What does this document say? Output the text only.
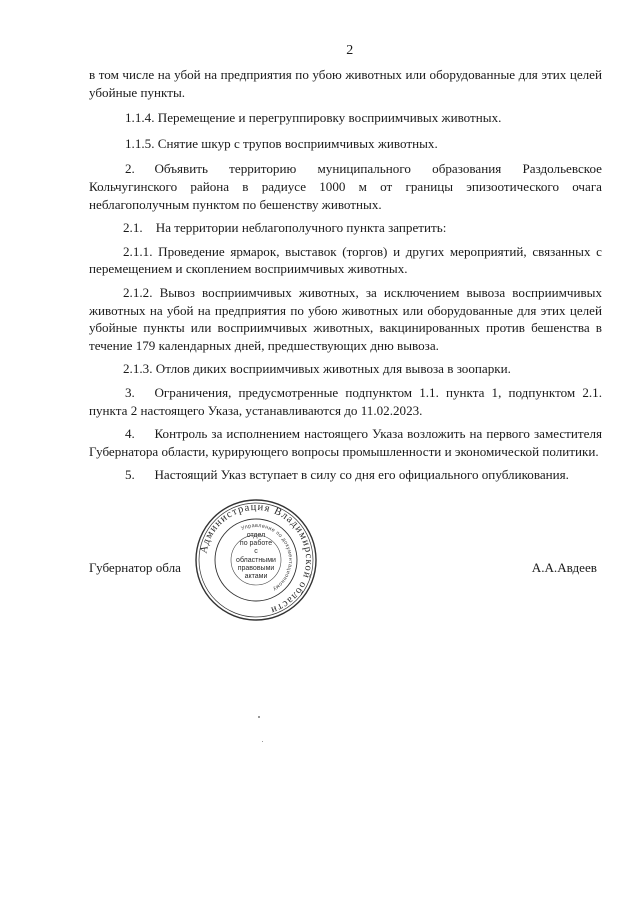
2

в том числе на убой на предприятия по убою животных или оборудованные для этих целей убойные пункты.

1.1.4. Перемещение и перегруппировку восприимчивых животных.

1.1.5. Снятие шкур с трупов восприимчивых животных.

2.  Объявить территорию муниципального образования Раздольевское Кольчугинского района в радиусе 1000 м от границы эпизоотического очага неблагополучным пунктом по бешенству животных.

2.1. На территории неблагополучного пункта запретить:

2.1.1. Проведение ярмарок, выставок (торгов) и других мероприятий, связанных с перемещением и скоплением восприимчивых животных.

2.1.2. Вывоз восприимчивых животных, за исключением вывоза восприимчивых животных на убой на предприятия по убою животных или оборудованные для этих целей убойные пункты или восприимчивых животных, вакцинированных против бешенства в течение 179 календарных дней, предшествующих дню вывоза.

2.1.3. Отлов диких восприимчивых животных для вывоза в зоопарки.

3.  Ограничения, предусмотренные подпунктом 1.1. пункта 1, подпунктом 2.1. пункта 2 настоящего Указа, устанавливаются до 11.02.2023.

4.  Контроль за исполнением настоящего Указа возложить на первого заместителя Губернатора области, курирующего вопросы промышленности и экономической политики.

5.  Настоящий Указ вступает в силу со дня его официального опубликования.

Губернатор обла	А.А.Авдеев
Администрация Владимирской области
Управление по документационному
отдел
по работе
с областными
правовыми
актами
